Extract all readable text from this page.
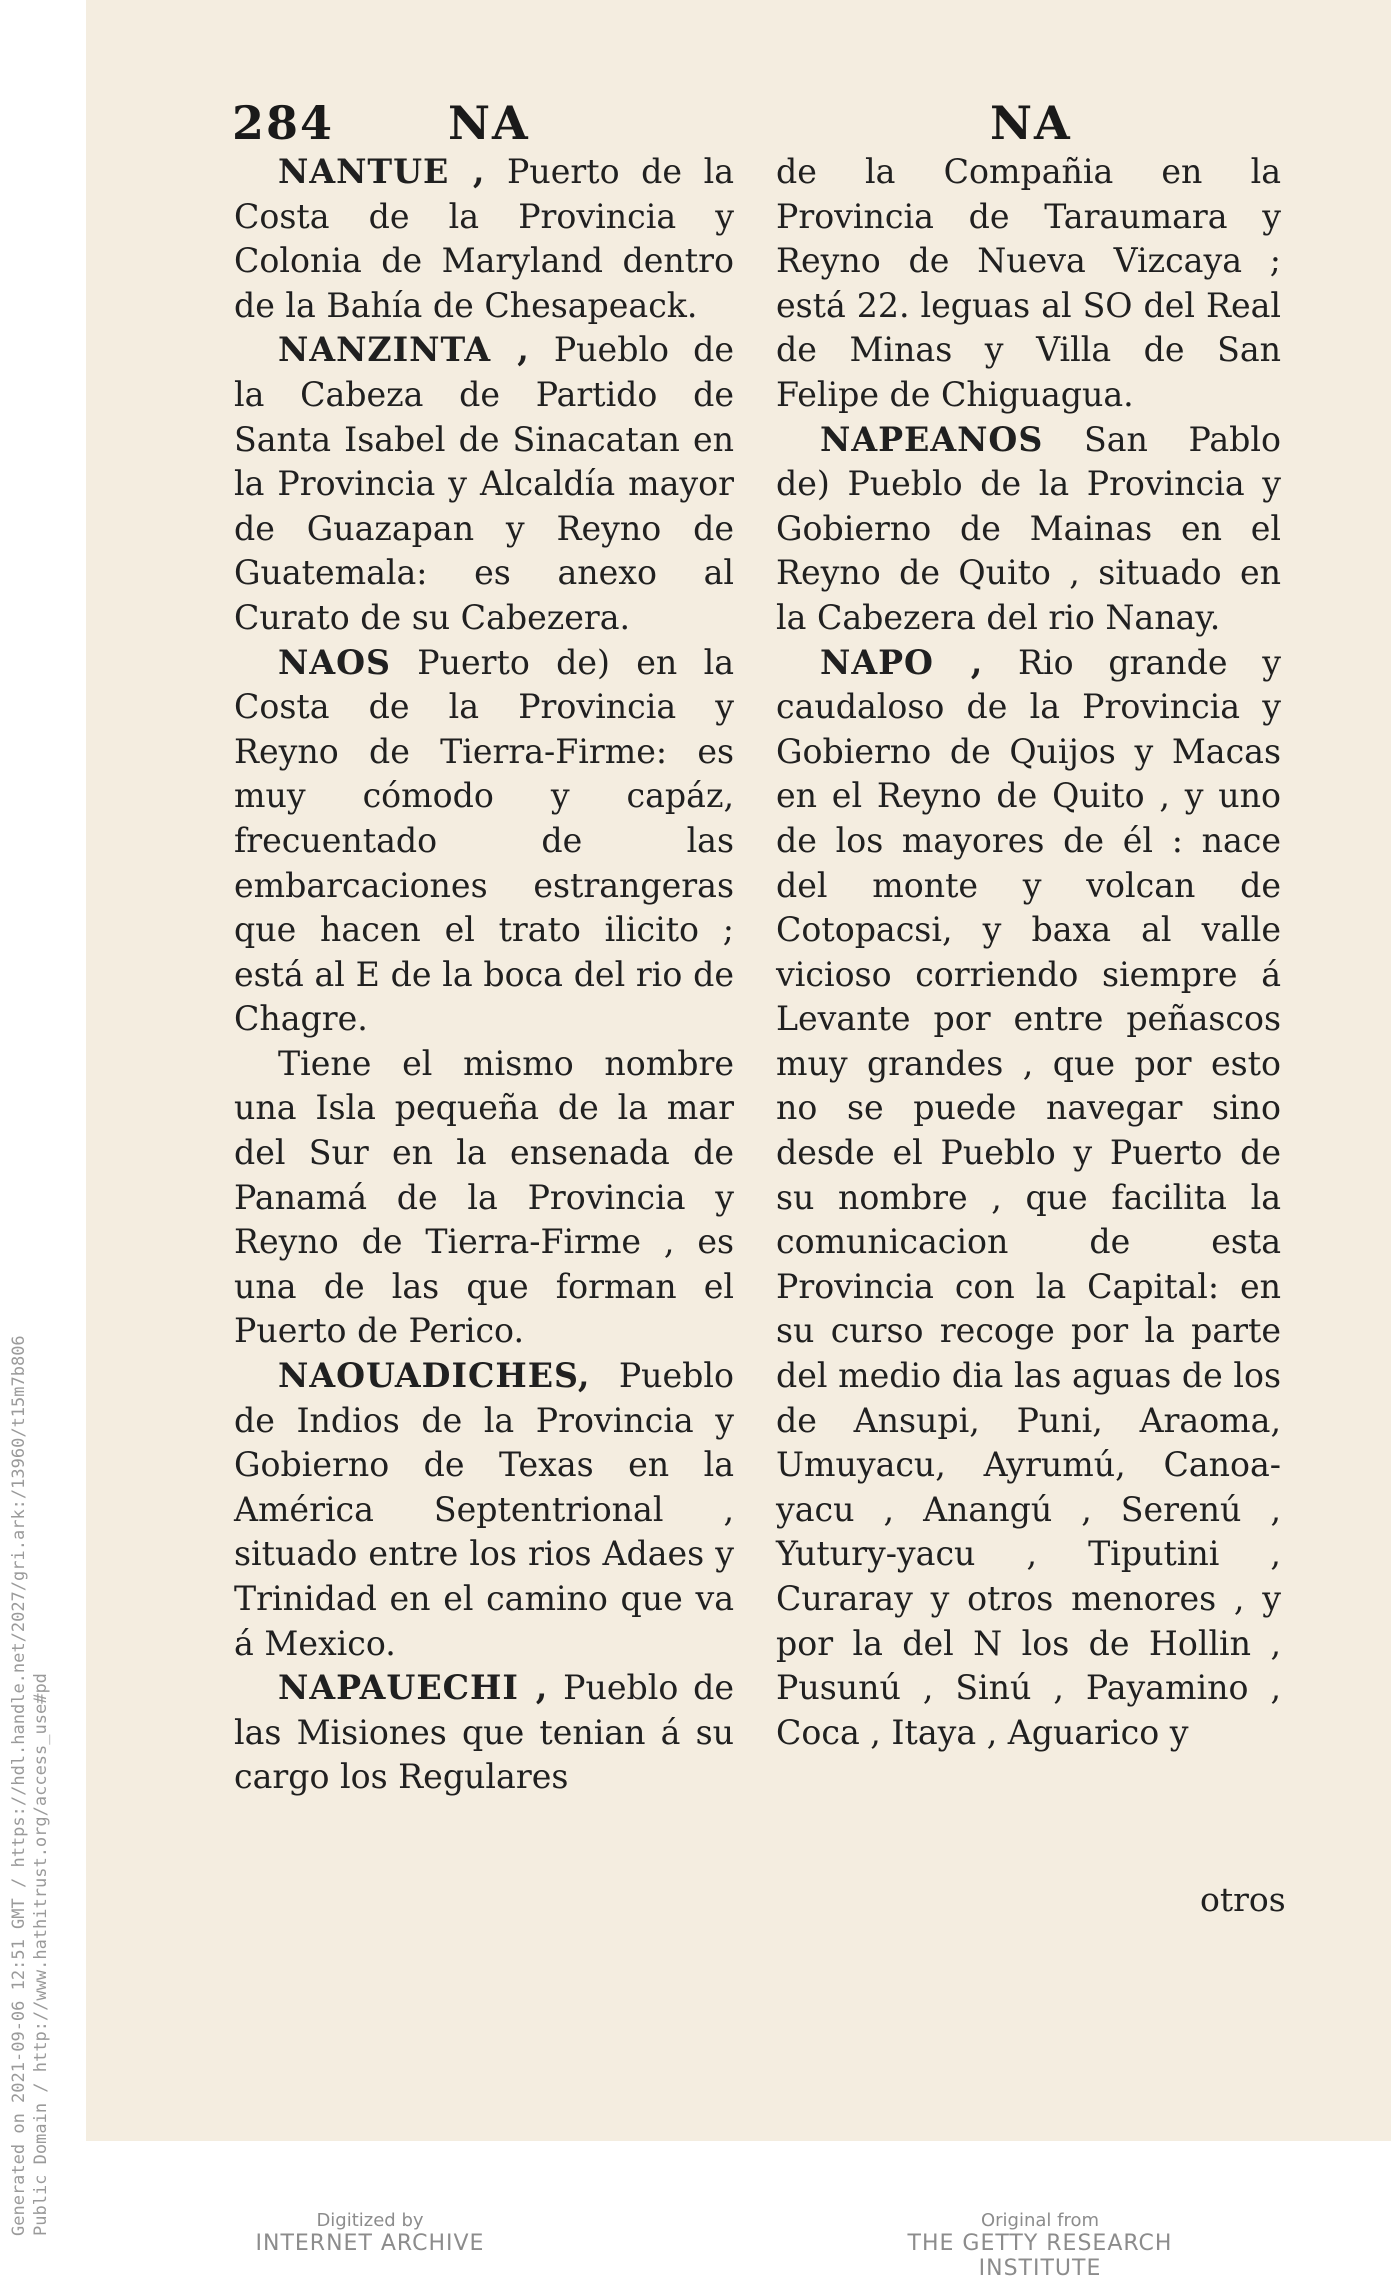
284 NA	NA

NANTUE , Puerto de la Costa de la Provincia y Colonia de Maryland dentro de la Bahía de Chesapeack.

NANZINTA , Pueblo de la Cabeza de Partido de Santa Isabel de Sinacatan en la Provincia y Alcaldía mayor de Guazapan y Reyno de Guatemala: es anexo al Curato de su Cabezera.

NAOS Puerto de) en la Costa de la Provincia y Reyno de Tierra-Firme: es muy cómodo y capáz, frecuentado de las embarcaciones estrangeras que hacen el trato ilicito ; está al E de la boca del rio de Chagre.

Tiene el mismo nombre una Isla pequeña de la mar del Sur en la ensenada de Panamá de la Provincia y Reyno de Tierra-Firme , es una de las que forman el Puerto de Perico.

NAOUADICHES, Pueblo de Indios de la Provincia y Gobierno de Texas en la América Septentrional , situado entre los rios Adaes y Trinidad en el camino que va á Mexico.

NAPAUECHI , Pueblo de las Misiones que tenian á su cargo los Regulares

de la Compañia en la Provincia de Taraumara y Reyno de Nueva Vizcaya ; está 22. leguas al SO del Real de Minas y Villa de San Felipe de Chiguagua.

NAPEANOS San Pablo de) Pueblo de la Provincia y Gobierno de Mainas en el Reyno de Quito , situado en la Cabezera del rio Nanay.

NAPO , Rio grande y caudaloso de la Provincia y Gobierno de Quijos y Macas en el Reyno de Quito , y uno de los mayores de él : nace del monte y volcan de Cotopacsi, y baxa al valle vicioso corriendo siempre á Levante por entre peñascos muy grandes , que por esto no se puede navegar sino desde el Pueblo y Puerto de su nombre , que facilita la comunicacion de esta Provincia con la Capital: en su curso recoge por la parte del medio dia las aguas de los de Ansupi, Puni, Araoma, Umuyacu, Ayrumú, Canoa-yacu , Anangú , Serenú , Yutury-yacu , Tiputini , Curaray y otros menores , y por la del N los de Hollin , Pusunú , Sinú , Payamino , Coca , Itaya , Aguarico y

otros
Generated on 2021-09-06 12:51 GMT / https://hdl.handle.net/2027/gri.ark:/13960/t15m7b806 Public Domain / http://www.hathitrust.org/access_use#pd	Digitized by
INTERNET ARCHIVE
Original from
THE GETTY RESEARCH INSTITUTE
